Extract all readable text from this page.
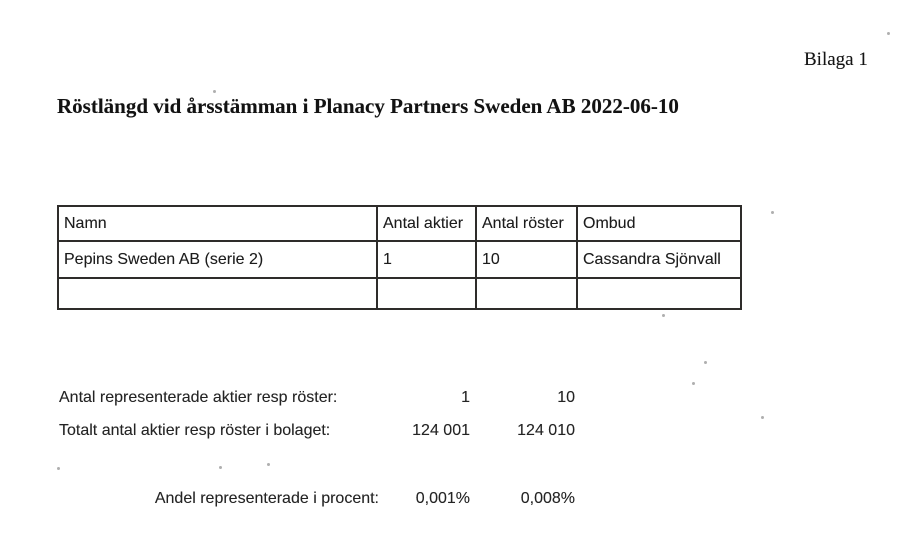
Bilaga 1
Röstlängd vid årsstämman i Planacy Partners Sweden AB 2022-06-10
Namn	Antal aktier	Antal röster	Ombud
Pepins Sweden AB (serie 2)	1	10	Cassandra Sjönvall

Antal representerade aktier resp röster:	1	10
Totalt antal aktier resp röster i bolaget:	124 001	124 010
Andel representerade i procent:	0,001%	0,008%
